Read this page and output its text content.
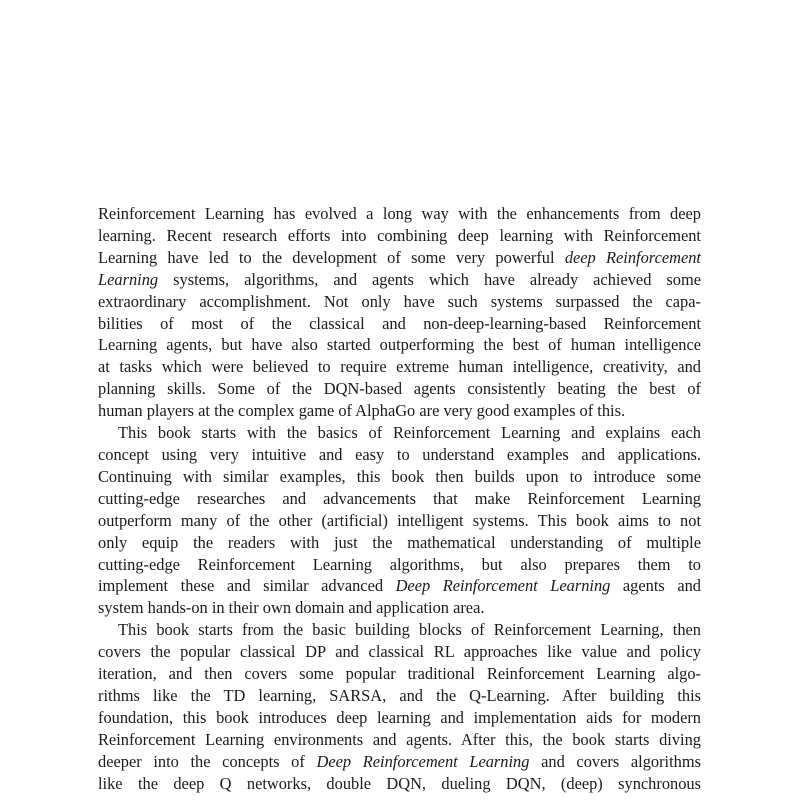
Reinforcement Learning has evolved a long way with the enhancements from deep
learning. Recent research efforts into combining deep learning with Reinforcement
Learning have led to the development of some very powerful deep Reinforcement
Learning systems, algorithms, and agents which have already achieved some
extraordinary accomplishment. Not only have such systems surpassed the capa-
bilities of most of the classical and non-deep-learning-based Reinforcement
Learning agents, but have also started outperforming the best of human intelligence
at tasks which were believed to require extreme human intelligence, creativity, and
planning skills. Some of the DQN-based agents consistently beating the best of
human players at the complex game of AlphaGo are very good examples of this.
This book starts with the basics of Reinforcement Learning and explains each
concept using very intuitive and easy to understand examples and applications.
Continuing with similar examples, this book then builds upon to introduce some
cutting-edge researches and advancements that make Reinforcement Learning
outperform many of the other (artificial) intelligent systems. This book aims to not
only equip the readers with just the mathematical understanding of multiple
cutting-edge Reinforcement Learning algorithms, but also prepares them to
implement these and similar advanced Deep Reinforcement Learning agents and
system hands-on in their own domain and application area.
This book starts from the basic building blocks of Reinforcement Learning, then
covers the popular classical DP and classical RL approaches like value and policy
iteration, and then covers some popular traditional Reinforcement Learning algo-
rithms like the TD learning, SARSA, and the Q-Learning. After building this
foundation, this book introduces deep learning and implementation aids for modern
Reinforcement Learning environments and agents. After this, the book starts diving
deeper into the concepts of Deep Reinforcement Learning and covers algorithms
like the deep Q networks, double DQN, dueling DQN, (deep) synchronous
